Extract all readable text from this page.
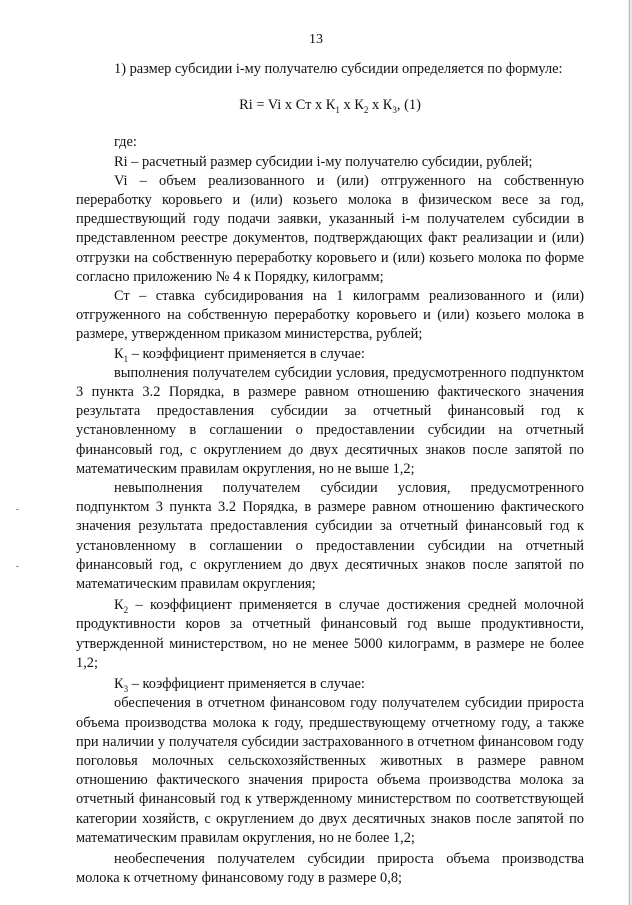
13

1) размер субсидии i-му получателю субсидии определяется по формуле:

Ri = Vi x Ст x $К_1$ x $К_2$ x $К_3$, (1)

где:

Ri – расчетный размер субсидии i-му получателю субсидии, рублей;

Vi – объем реализованного и (или) отгруженного на собственную переработку коровьего и (или) козьего молока в физическом весе за год, предшествующий году подачи заявки, указанный i-м получателем субсидии в представленном реестре документов, подтверждающих факт реализации и (или) отгрузки на собственную переработку коровьего и (или) козьего молока по форме согласно приложению № 4 к Порядку, килограмм;

Ст – ставка субсидирования на 1 килограмм реализованного и (или) отгруженного на собственную переработку коровьего и (или) козьего молока в размере, утвержденном приказом министерства, рублей;

$К_1$ – коэффициент применяется в случае:

выполнения получателем субсидии условия, предусмотренного подпунктом 3 пункта 3.2 Порядка, в размере равном отношению фактического значения результата предоставления субсидии за отчетный финансовый год к установленному в соглашении о предоставлении субсидии на отчетный финансовый год, с округлением до двух десятичных знаков после запятой по математическим правилам округления, но не выше 1,2;

невыполнения получателем субсидии условия, предусмотренного подпунктом 3 пункта 3.2 Порядка, в размере равном отношению фактического значения результата предоставления субсидии за отчетный финансовый год к установленному в соглашении о предоставлении субсидии на отчетный финансовый год, с округлением до двух десятичных знаков после запятой по математическим правилам округления;

$К_2$ – коэффициент применяется в случае достижения средней молочной продуктивности коров за отчетный финансовый год выше продуктивности, утвержденной министерством, но не менее 5000 килограмм, в размере не более 1,2;

$К_3$ – коэффициент применяется в случае:

обеспечения в отчетном финансовом году получателем субсидии прироста объема производства молока к году, предшествующему отчетному году, а также при наличии у получателя субсидии застрахованного в отчетном финансовом году поголовья молочных сельскохозяйственных животных в размере равном отношению фактического значения прироста объема производства молока за отчетный финансовый год к утвержденному министерством по соответствующей категории хозяйств, с округлением до двух десятичных знаков после запятой по математическим правилам округления, но не более 1,2;

необеспечения получателем субсидии прироста объема производства молока к отчетному финансовому году в размере 0,8;
